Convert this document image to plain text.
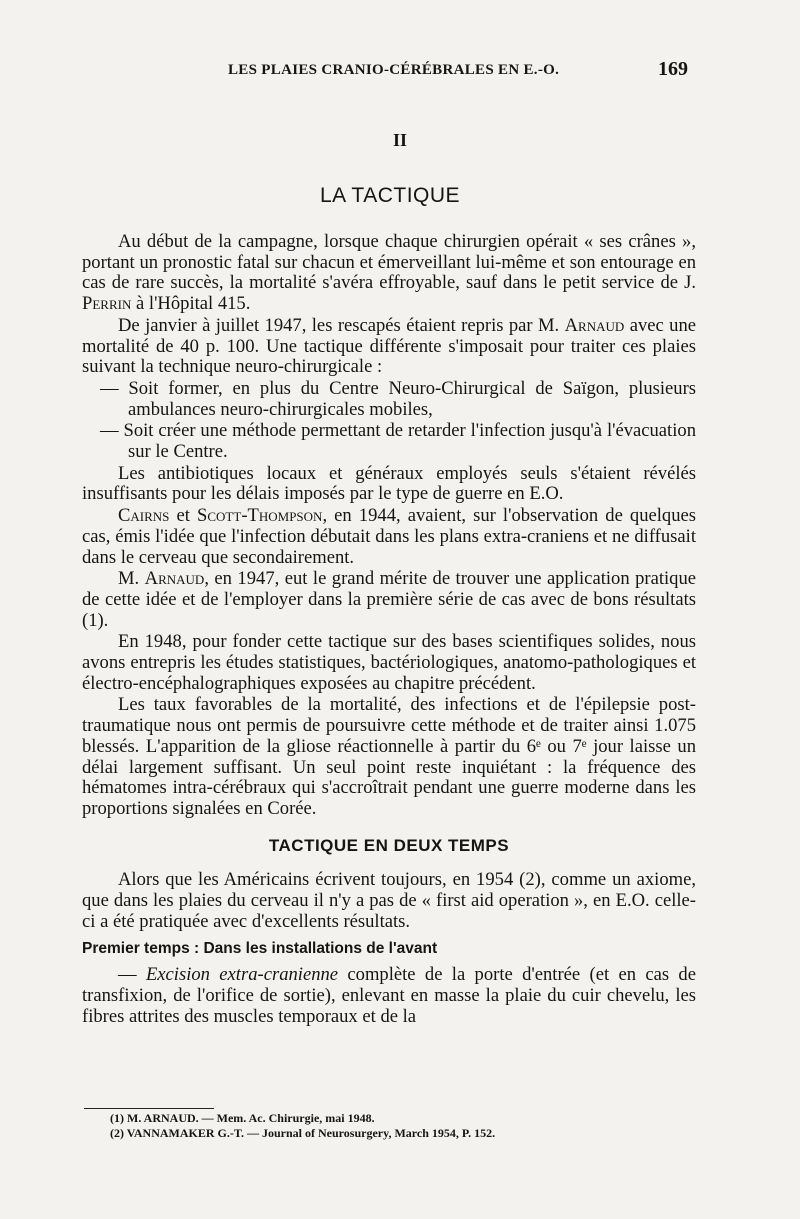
LES PLAIES CRANIO-CÉRÉBRALES EN E.-O.	169
II
LA TACTIQUE

Au début de la campagne, lorsque chaque chirurgien opérait « ses crânes », portant un pronostic fatal sur chacun et émerveillant lui-même et son entourage en cas de rare succès, la mortalité s'avéra effroyable, sauf dans le petit service de J. Perrin à l'Hôpital 415.

De janvier à juillet 1947, les rescapés étaient repris par M. Arnaud avec une mortalité de 40 p. 100. Une tactique différente s'imposait pour traiter ces plaies suivant la technique neuro-chirurgicale :

— Soit former, en plus du Centre Neuro-Chirurgical de Saïgon, plusieurs ambulances neuro-chirurgicales mobiles,

— Soit créer une méthode permettant de retarder l'infection jusqu'à l'évacuation sur le Centre.

Les antibiotiques locaux et généraux employés seuls s'étaient révélés insuffisants pour les délais imposés par le type de guerre en E.O.

Cairns et Scott-Thompson, en 1944, avaient, sur l'observation de quelques cas, émis l'idée que l'infection débutait dans les plans extra-craniens et ne diffusait dans le cerveau que secondairement.

M. Arnaud, en 1947, eut le grand mérite de trouver une application pratique de cette idée et de l'employer dans la première série de cas avec de bons résultats (1).

En 1948, pour fonder cette tactique sur des bases scientifiques solides, nous avons entrepris les études statistiques, bactériologiques, anatomo-pathologiques et électro-encéphalographiques exposées au chapitre précédent.

Les taux favorables de la mortalité, des infections et de l'épilepsie post-traumatique nous ont permis de poursuivre cette méthode et de traiter ainsi 1.075 blessés. L'apparition de la gliose réactionnelle à partir du 6ᵉ ou 7ᵉ jour laisse un délai largement suffisant. Un seul point reste inquiétant : la fréquence des hématomes intra-cérébraux qui s'accroîtrait pendant une guerre moderne dans les proportions signalées en Corée.

TACTIQUE EN DEUX TEMPS

Alors que les Américains écrivent toujours, en 1954 (2), comme un axiome, que dans les plaies du cerveau il n'y a pas de « first aid operation », en E.O. celle-ci a été pratiquée avec d'excellents résultats.

Premier temps : Dans les installations de l'avant

— Excision extra-cranienne complète de la porte d'entrée (et en cas de transfixion, de l'orifice de sortie), enlevant en masse la plaie du cuir chevelu, les fibres attrites des muscles temporaux et de la

(1) M. ARNAUD. — Mem. Ac. Chirurgie, mai 1948.
(2) VANNAMAKER G.-T. — Journal of Neurosurgery, March 1954, P. 152.
